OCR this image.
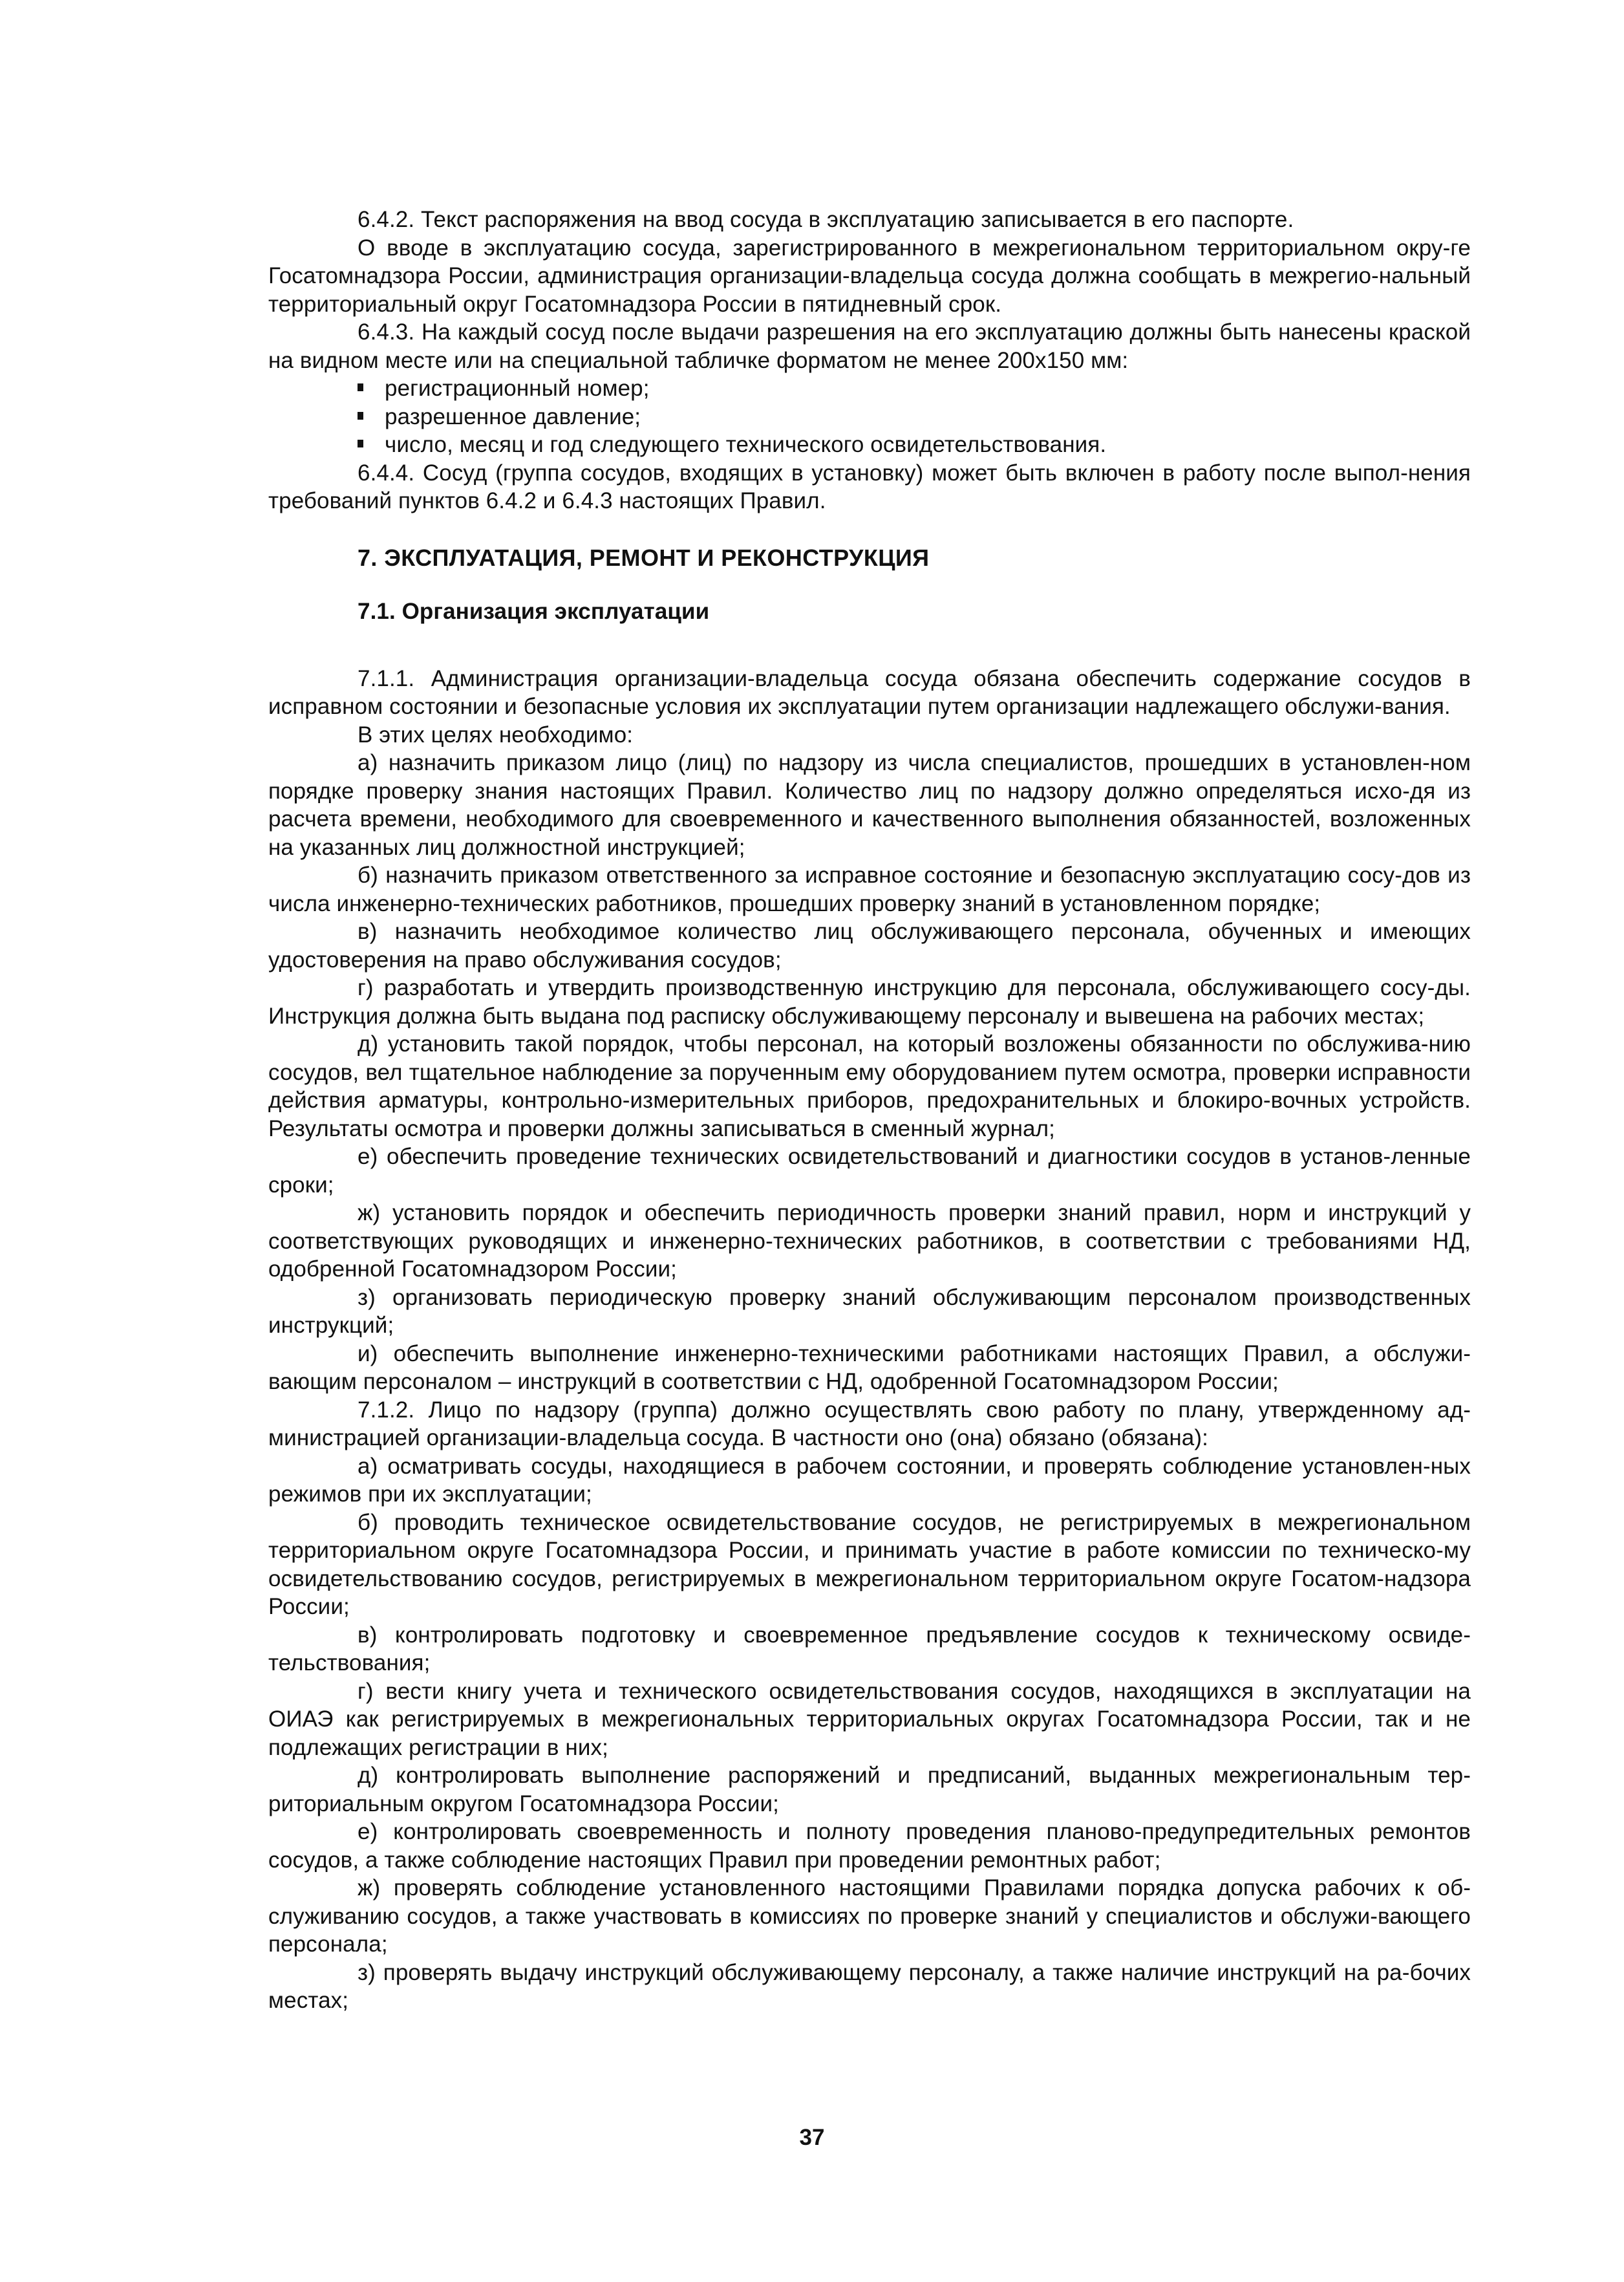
6.4.2. Текст распоряжения на ввод сосуда в эксплуатацию записывается в его паспорте.

О вводе в эксплуатацию сосуда, зарегистрированного в межрегиональном территориальном окру-ге Госатомнадзора России, администрация организации-владельца сосуда должна сообщать в межрегио-нальный территориальный округ Госатомнадзора России в пятидневный срок.

6.4.3. На каждый сосуд после выдачи разрешения на его эксплуатацию должны быть нанесены краской на видном месте или на специальной табличке форматом не менее 200х150 мм:

регистрационный номер;
разрешенное давление;
число, месяц и год следующего технического освидетельствования.

6.4.4. Сосуд (группа сосудов, входящих в установку) может быть включен в работу после выпол-нения требований пунктов 6.4.2 и 6.4.3 настоящих Правил.

7. ЭКСПЛУАТАЦИЯ, РЕМОНТ И РЕКОНСТРУКЦИЯ
7.1. Организация эксплуатации

7.1.1. Администрация организации-владельца сосуда обязана обеспечить содержание сосудов в исправном состоянии и безопасные условия их эксплуатации путем организации надлежащего обслужи-вания.

В этих целях необходимо:

а) назначить приказом лицо (лиц) по надзору из числа специалистов, прошедших в установлен-ном порядке проверку знания настоящих Правил. Количество лиц по надзору должно определяться исхо-дя из расчета времени, необходимого для своевременного и качественного выполнения обязанностей, возложенных на указанных лиц должностной инструкцией;

б) назначить приказом ответственного за исправное состояние и безопасную эксплуатацию сосу-дов из числа инженерно-технических работников, прошедших проверку знаний в установленном порядке;

в) назначить необходимое количество лиц обслуживающего персонала, обученных и имеющих удостоверения на право обслуживания сосудов;

г) разработать и утвердить производственную инструкцию для персонала, обслуживающего сосу-ды. Инструкция должна быть выдана под расписку обслуживающему персоналу и вывешена на рабочих местах;

д) установить такой порядок, чтобы персонал, на который возложены обязанности по обслужива-нию сосудов, вел тщательное наблюдение за порученным ему оборудованием путем осмотра, проверки исправности действия арматуры, контрольно-измерительных приборов, предохранительных и блокиро-вочных устройств. Результаты осмотра и проверки должны записываться в сменный журнал;

е) обеспечить проведение технических освидетельствований и диагностики сосудов в установ-ленные сроки;

ж) установить порядок и обеспечить периодичность проверки знаний правил, норм и инструкций у соответствующих руководящих и инженерно-технических работников, в соответствии с требованиями НД, одобренной Госатомнадзором России;

з) организовать периодическую проверку знаний обслуживающим персоналом производственных инструкций;

и) обеспечить выполнение инженерно-техническими работниками настоящих Правил, а обслужи-вающим персоналом – инструкций в соответствии с НД, одобренной Госатомнадзором России;

7.1.2. Лицо по надзору (группа) должно осуществлять свою работу по плану, утвержденному ад-министрацией организации-владельца сосуда. В частности оно (она) обязано (обязана):

а) осматривать сосуды, находящиеся в рабочем состоянии, и проверять соблюдение установлен-ных режимов при их эксплуатации;

б) проводить техническое освидетельствование сосудов, не регистрируемых в межрегиональном территориальном округе Госатомнадзора России, и принимать участие в работе комиссии по техническо-му освидетельствованию сосудов, регистрируемых в межрегиональном территориальном округе Госатом-надзора России;

в) контролировать подготовку и своевременное предъявление сосудов к техническому освиде-тельствования;

г) вести книгу учета и технического освидетельствования сосудов, находящихся в эксплуатации на ОИАЭ как регистрируемых в межрегиональных территориальных округах Госатомнадзора России, так и не подлежащих регистрации в них;

д) контролировать выполнение распоряжений и предписаний, выданных межрегиональным тер-риториальным округом Госатомнадзора России;

е) контролировать своевременность и полноту проведения планово-предупредительных ремонтов сосудов, а также соблюдение настоящих Правил при проведении ремонтных работ;

ж) проверять соблюдение установленного настоящими Правилами порядка допуска рабочих к об-служиванию сосудов, а также участвовать в комиссиях по проверке знаний у специалистов и обслужи-вающего персонала;

з) проверять выдачу инструкций обслуживающему персоналу, а также наличие инструкций на ра-бочих местах;

37
